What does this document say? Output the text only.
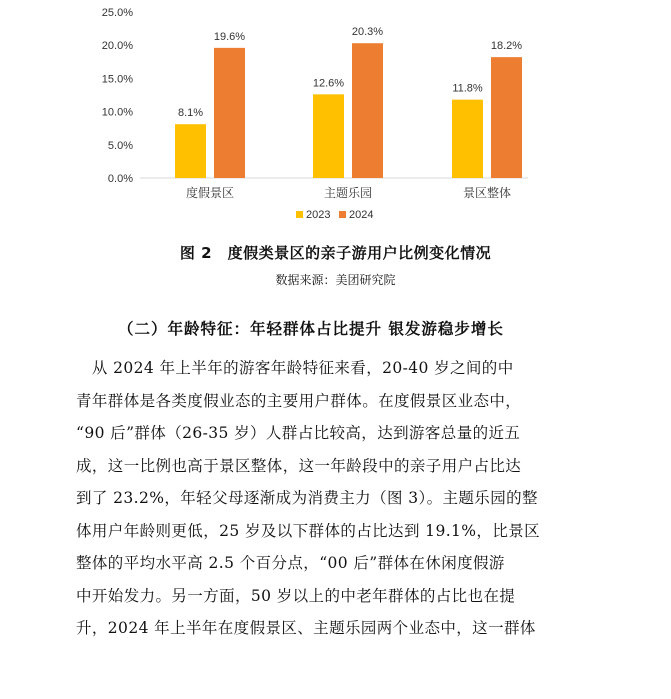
0.0%
5.0%
10.0%
15.0%
20.0%
25.0%
8.1%
12.6%	11.8%
19.6%	20.3%
18.2%
度假景区	主题乐园	景区整体
2023 2024
图 2　度假类景区的亲子游用户比例变化情况
数据来源：美团研究院
（二）年龄特征：年轻群体占比提升 银发游稳步增长
　从 2024 年上半年的游客年龄特征来看，20-40 岁之间的中
青年群体是各类度假业态的主要用户群体。在度假景区业态中，
“90 后”群体（26-35 岁）人群占比较高，达到游客总量的近五
成，这一比例也高于景区整体，这一年龄段中的亲子用户占比达
到了 23.2%，年轻父母逐渐成为消费主力（图 3）。主题乐园的整
体用户年龄则更低，25 岁及以下群体的占比达到 19.1%，比景区
整体的平均水平高 2.5 个百分点，“00 后”群体在休闲度假游
中开始发力。另一方面，50 岁以上的中老年群体的占比也在提
升，2024 年上半年在度假景区、主题乐园两个业态中，这一群体
